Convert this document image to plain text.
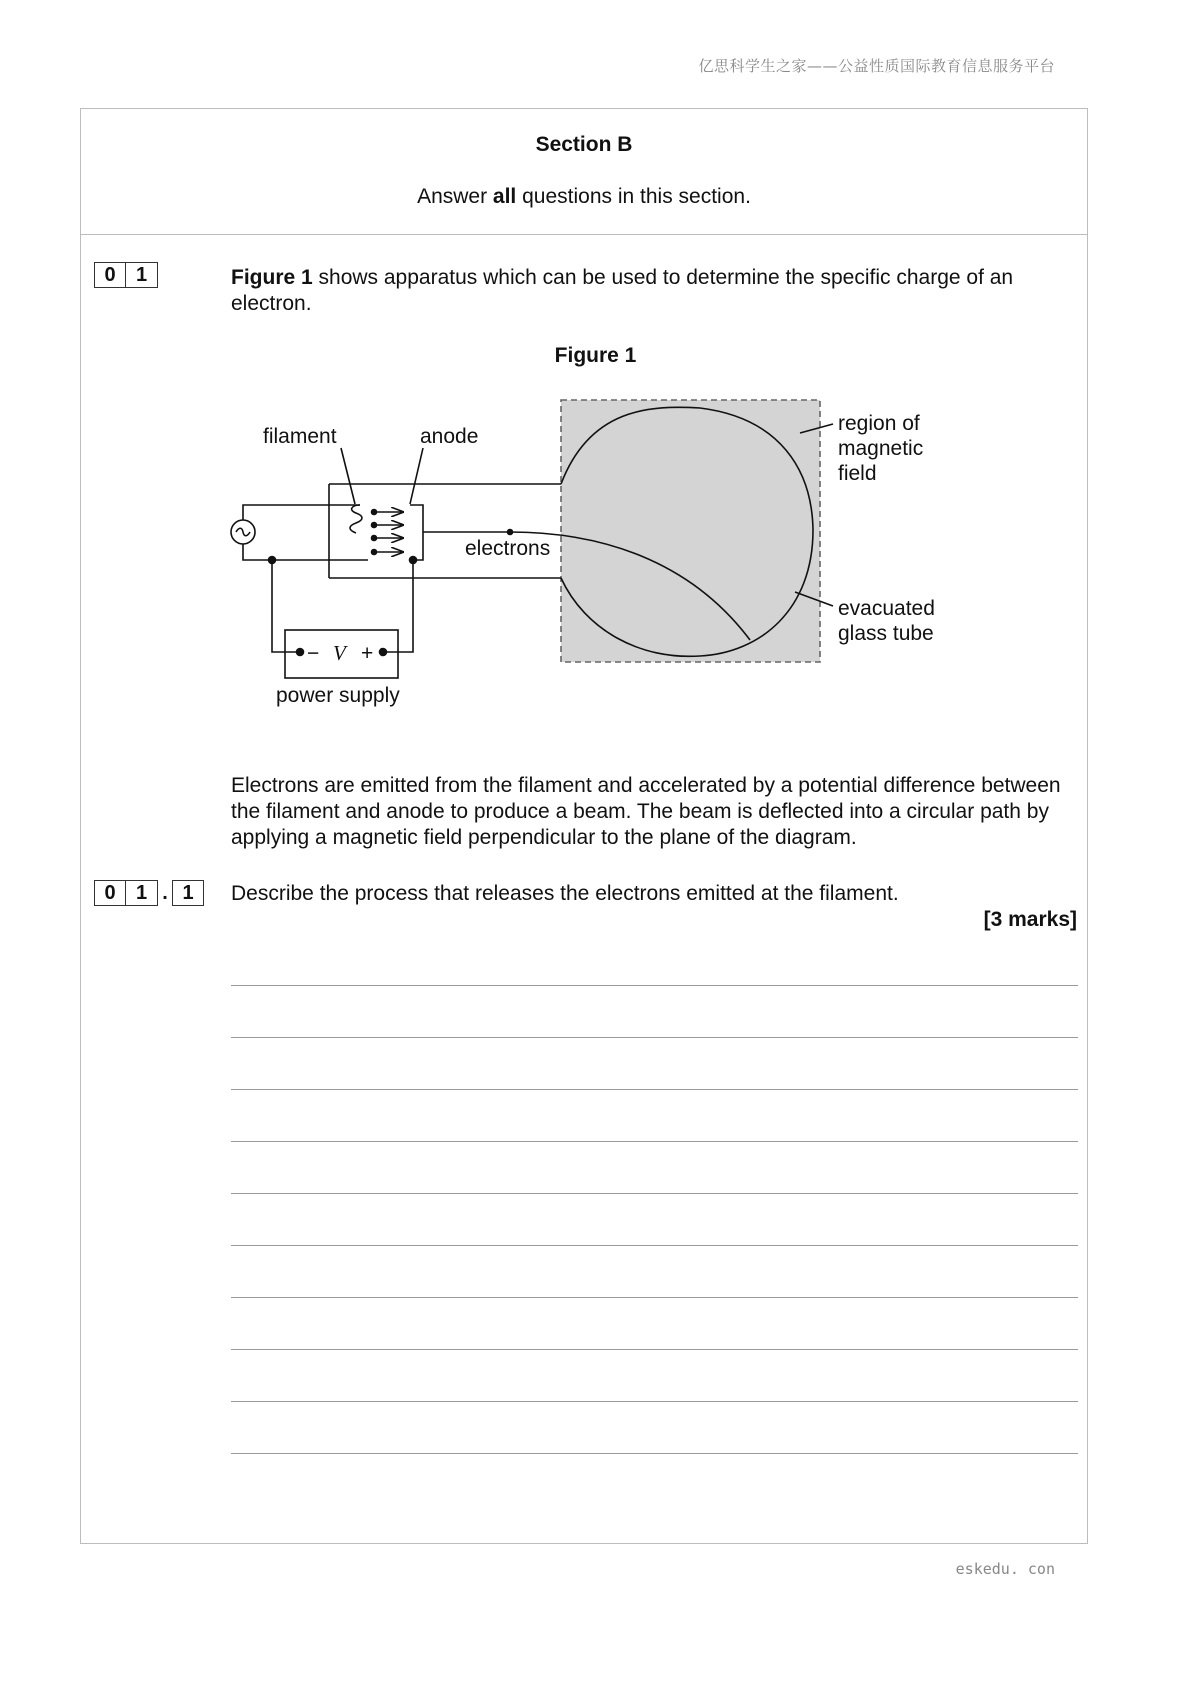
亿思科学生之家——公益性质国际教育信息服务平台
Section B
Answer all questions in this section.
0	1	Figure 1 shows apparatus which can be used to determine the specific charge of an electron.
Figure 1
filament	anode
electrons
region of
magnetic
field
evacuated
glass tube
− V +
power supply
Electrons are emitted from the filament and accelerated by a potential difference between the filament and anode to produce a beam. The beam is deflected into a circular path by applying a magnetic field perpendicular to the plane of the diagram.
0	1 . 1	Describe the process that releases the electrons emitted at the filament.
[3 marks]
eskedu. con
